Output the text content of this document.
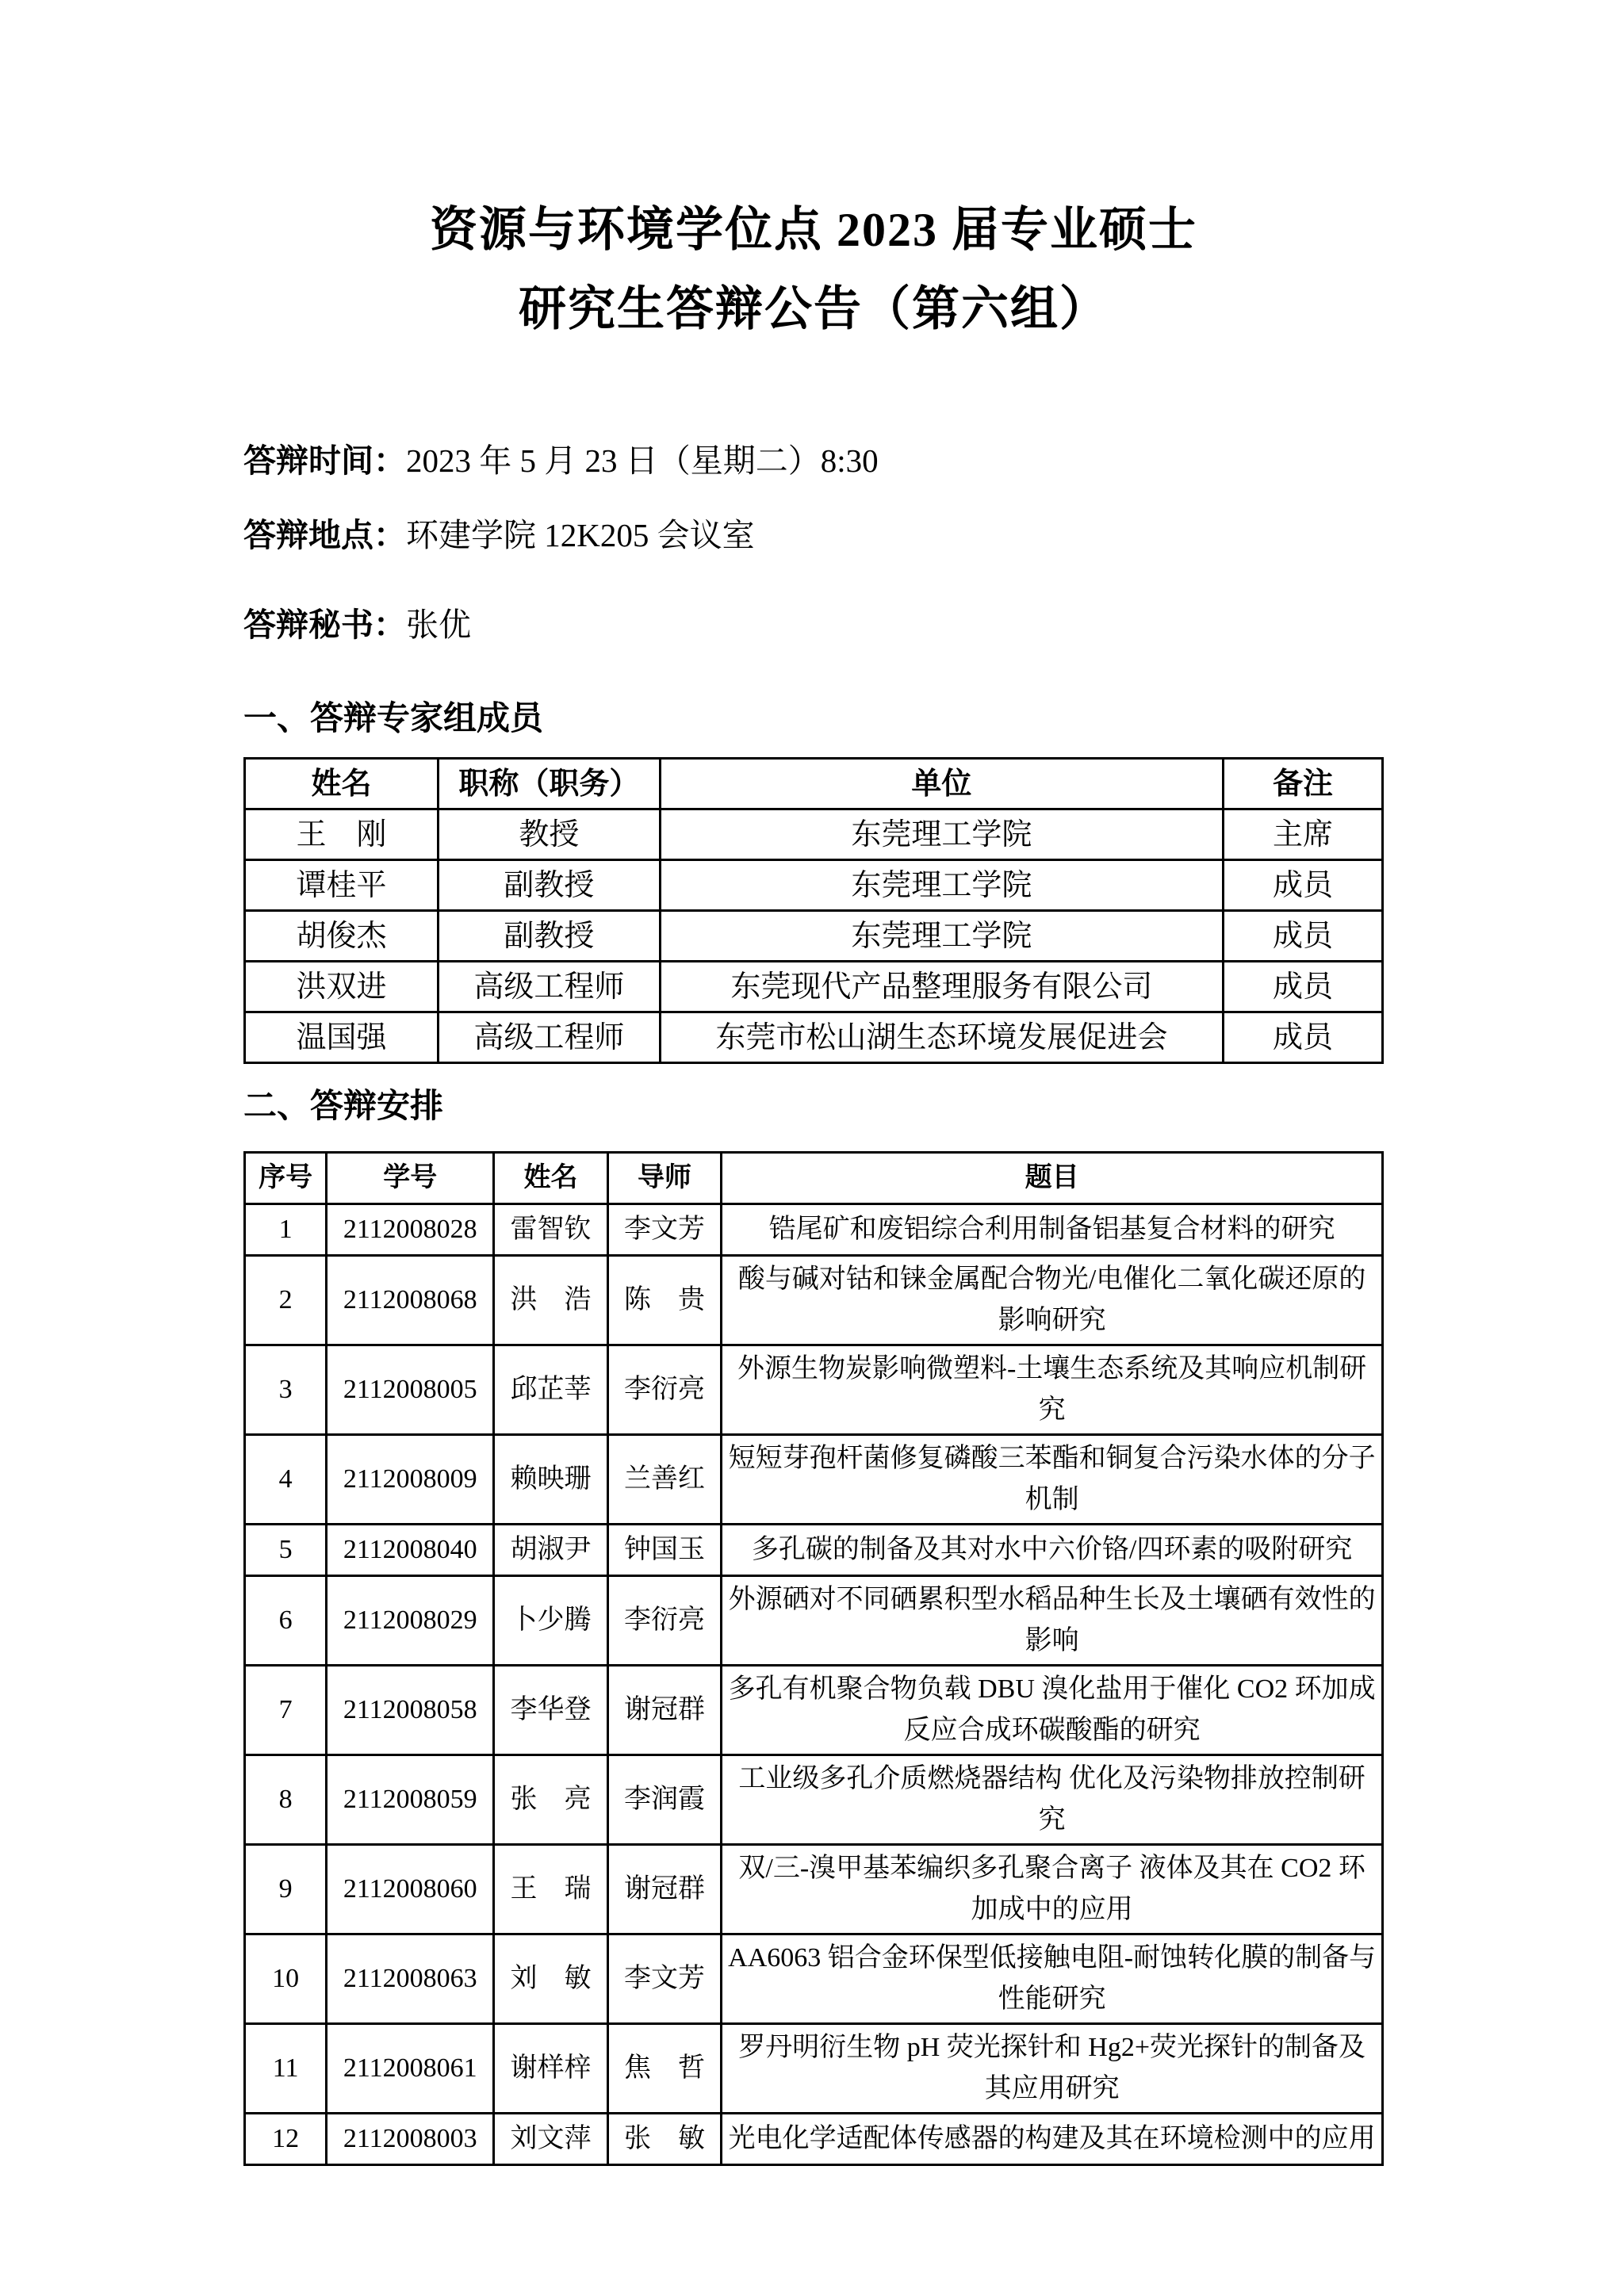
资源与环境学位点 2023 届专业硕士
研究生答辩公告（第六组）

答辩时间：2023 年 5 月 23 日（星期二）8:30

答辩地点：环建学院 12K205 会议室

答辩秘书：张优

一、答辩专家组成员
姓名	职称（职务）	单位	备注
王　刚	教授	东莞理工学院	主席
谭桂平	副教授	东莞理工学院	成员
胡俊杰	副教授	东莞理工学院	成员
洪双进	高级工程师	东莞现代产品整理服务有限公司	成员
温国强	高级工程师	东莞市松山湖生态环境发展促进会	成员
二、答辩安排
序号	学号	姓名	导师	题目
1	2112008028	雷智钦	李文芳	锆尾矿和废铝综合利用制备铝基复合材料的研究
2	2112008068	洪　浩	陈　贵	酸与碱对钴和铼金属配合物光/电催化二氧化碳还原的影响研究
3	2112008005	邱芷莘	李衍亮	外源生物炭影响微塑料-土壤生态系统及其响应机制研究
4	2112008009	赖映珊	兰善红	短短芽孢杆菌修复磷酸三苯酯和铜复合污染水体的分子机制
5	2112008040	胡淑尹	钟国玉	多孔碳的制备及其对水中六价铬/四环素的吸附研究
6	2112008029	卜少腾	李衍亮	外源硒对不同硒累积型水稻品种生长及土壤硒有效性的影响
7	2112008058	李华登	谢冠群	多孔有机聚合物负载 DBU 溴化盐用于催化 CO2 环加成反应合成环碳酸酯的研究
8	2112008059	张　亮	李润霞	工业级多孔介质燃烧器结构 优化及污染物排放控制研究
9	2112008060	王　瑞	谢冠群	双/三-溴甲基苯编织多孔聚合离子 液体及其在 CO2 环加成中的应用
10	2112008063	刘　敏	李文芳	AA6063 铝合金环保型低接触电阻-耐蚀转化膜的制备与性能研究
11	2112008061	谢样梓	焦　哲	罗丹明衍生物 pH 荧光探针和 Hg2+荧光探针的制备及其应用研究
12	2112008003	刘文萍	张　敏	光电化学适配体传感器的构建及其在环境检测中的应用
